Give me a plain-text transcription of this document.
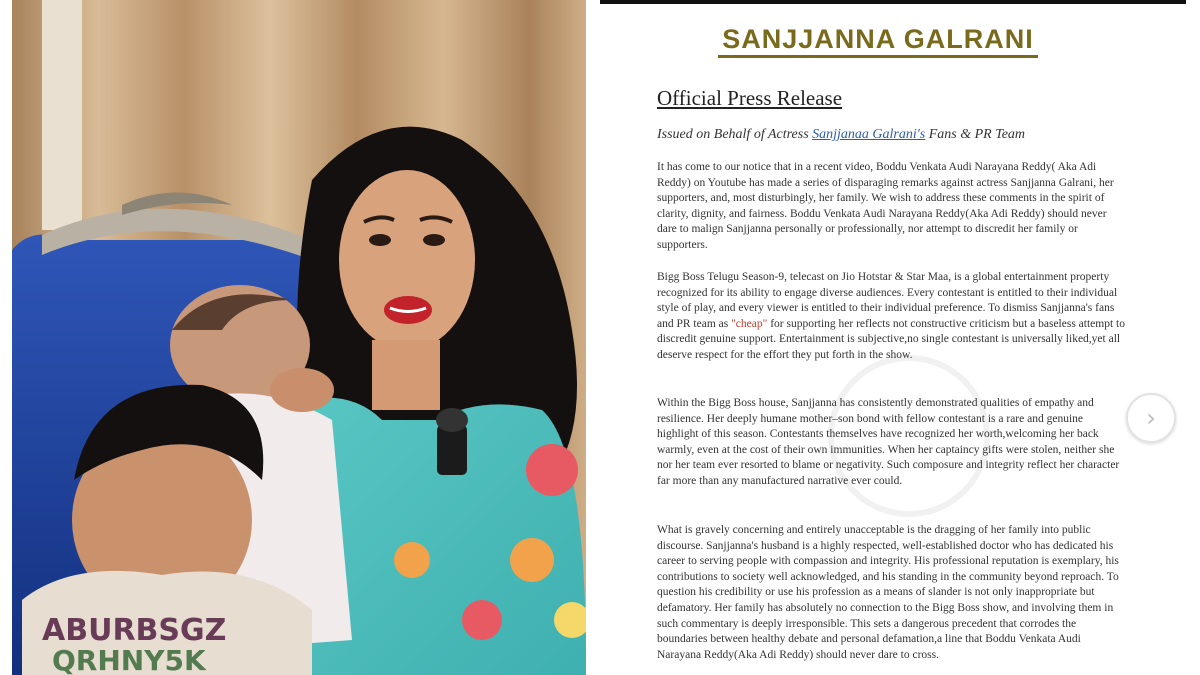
ABURBSGZ
QRHNY5K
SANJJANNA GALRANI
Official Press Release
Issued on Behalf of Actress Sanjjanaa Galrani's Fans & PR Team

It has come to our notice that in a recent video, Boddu Venkata Audi Narayana Reddy( Aka Adi Reddy) on Youtube has made a series of disparaging remarks against actress Sanjjanna Galrani, her supporters, and, most disturbingly, her family. We wish to address these comments in the spirit of clarity, dignity, and fairness. Boddu Venkata Audi Narayana Reddy(Aka Adi Reddy) should never dare to malign Sanjjanna personally or professionally, nor attempt to discredit her family or supporters.

Bigg Boss Telugu Season-9, telecast on Jio Hotstar & Star Maa, is a global entertainment property recognized for its ability to engage diverse audiences. Every contestant is entitled to their individual style of play, and every viewer is entitled to their individual preference. To dismiss Sanjjanna's fans and PR team as "cheap" for supporting her reflects not constructive criticism but a baseless attempt to discredit genuine support. Entertainment is subjective,no single contestant is universally liked,yet all deserve respect for the effort they put forth in the show.

Within the Bigg Boss house, Sanjjanna has consistently demonstrated qualities of empathy and resilience. Her deeply humane mother–son bond with fellow contestant is a rare and genuine highlight of this season. Contestants themselves have recognized her worth,welcoming her back warmly, even at the cost of their own immunities. When her captaincy gifts were stolen, neither she nor her team ever resorted to blame or negativity. Such composure and integrity reflect her character far more than any manufactured narrative ever could.

What is gravely concerning and entirely unacceptable is the dragging of her family into public discourse. Sanjjanna's husband is a highly respected, well-established doctor who has dedicated his career to serving people with compassion and integrity. His professional reputation is exemplary, his contributions to society well acknowledged, and his standing in the community beyond reproach. To question his credibility or use his profession as a means of slander is not only inappropriate but defamatory. Her family has absolutely no connection to the Bigg Boss show, and involving them in such commentary is deeply irresponsible. This sets a dangerous precedent that corrodes the boundaries between healthy debate and personal defamation,a line that Boddu Venkata Audi Narayana Reddy(Aka Adi Reddy) should never dare to cross.

›
